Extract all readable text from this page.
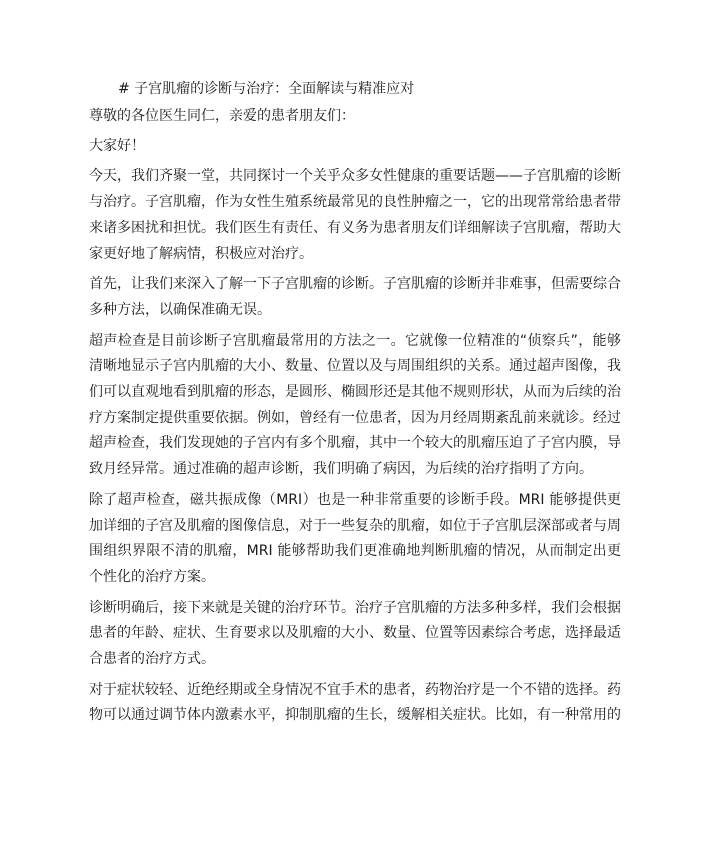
# 子宫肌瘤的诊断与治疗：全面解读与精准应对

尊敬的各位医生同仁，亲爱的患者朋友们：

大家好！

今天，我们齐聚一堂，共同探讨一个关乎众多女性健康的重要话题——子宫肌瘤的诊断与治疗。子宫肌瘤，作为女性生殖系统最常见的良性肿瘤之一，它的出现常常给患者带来诸多困扰和担忧。我们医生有责任、有义务为患者朋友们详细解读子宫肌瘤，帮助大家更好地了解病情，积极应对治疗。

首先，让我们来深入了解一下子宫肌瘤的诊断。子宫肌瘤的诊断并非难事，但需要综合多种方法，以确保准确无误。

超声检查是目前诊断子宫肌瘤最常用的方法之一。它就像一位精准的“侦察兵”，能够清晰地显示子宫内肌瘤的大小、数量、位置以及与周围组织的关系。通过超声图像，我们可以直观地看到肌瘤的形态，是圆形、椭圆形还是其他不规则形状，从而为后续的治疗方案制定提供重要依据。例如，曾经有一位患者，因为月经周期紊乱前来就诊。经过超声检查，我们发现她的子宫内有多个肌瘤，其中一个较大的肌瘤压迫了子宫内膜，导致月经异常。通过准确的超声诊断，我们明确了病因，为后续的治疗指明了方向。

除了超声检查，磁共振成像（MRI）也是一种非常重要的诊断手段。MRI 能够提供更加详细的子宫及肌瘤的图像信息，对于一些复杂的肌瘤，如位于子宫肌层深部或者与周围组织界限不清的肌瘤，MRI 能够帮助我们更准确地判断肌瘤的情况，从而制定出更个性化的治疗方案。

诊断明确后，接下来就是关键的治疗环节。治疗子宫肌瘤的方法多种多样，我们会根据患者的年龄、症状、生育要求以及肌瘤的大小、数量、位置等因素综合考虑，选择最适合患者的治疗方式。

对于症状较轻、近绝经期或全身情况不宜手术的患者，药物治疗是一个不错的选择。药物可以通过调节体内激素水平，抑制肌瘤的生长，缓解相关症状。比如，有一种常用的
